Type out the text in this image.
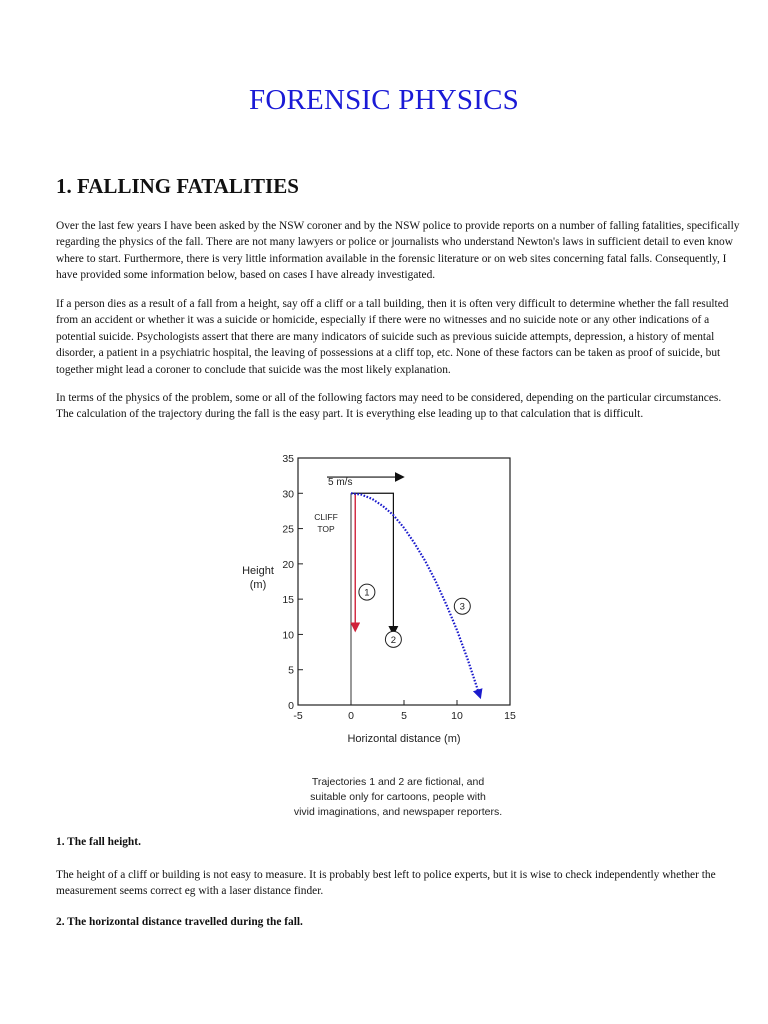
FORENSIC PHYSICS
1. FALLING FATALITIES

Over the last few years I have been asked by the NSW coroner and by the NSW police to provide reports on a number of falling fatalities, specifically regarding the physics of the fall. There are not many lawyers or police or journalists who understand Newton's laws in sufficient detail to even know where to start. Furthermore, there is very little information available in the forensic literature or on web sites concerning fatal falls. Consequently, I have provided some information below, based on cases I have already investigated.

If a person dies as a result of a fall from a height, say off a cliff or a tall building, then it is often very difficult to determine whether the fall resulted from an accident or whether it was a suicide or homicide, especially if there were no witnesses and no suicide note or any other indications of a potential suicide. Psychologists assert that there are many indicators of suicide such as previous suicide attempts, depression, a history of mental disorder, a patient in a psychiatric hospital, the leaving of possessions at a cliff top, etc. None of these factors can be taken as proof of suicide, but together might lead a coroner to conclude that suicide was the most likely explanation.

In terms of the physics of the problem, some or all of the following factors may need to be considered, depending on the particular circumstances. The calculation of the trajectory during the fall is the easy part. It is everything else leading up to that calculation that is difficult.

0
5
10
15
20
25
30
35
-5	0	5	10	15
Height
(m)
Horizontal distance (m)
CLIFF
TOP
5 m/s
1
2
3
Trajectories 1 and 2 are fictional, and
suitable only for cartoons, people with
vivid imaginations, and newspaper reporters.

1. The fall height.

The height of a cliff or building is not easy to measure. It is probably best left to police experts, but it is wise to check independently whether the measurement seems correct eg with a laser distance finder.

2. The horizontal distance travelled during the fall.
